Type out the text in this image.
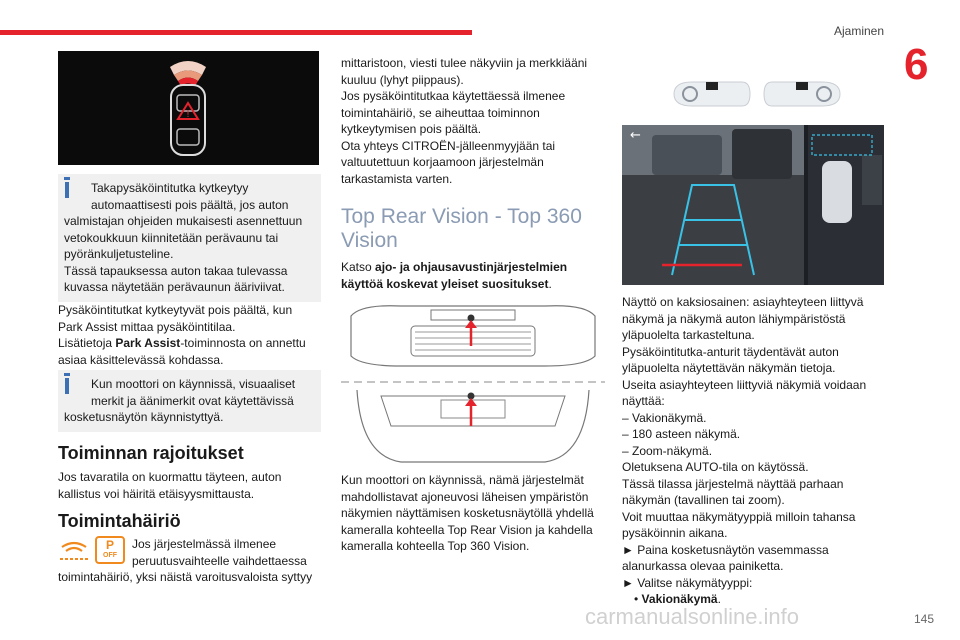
Ajaminen
6
!
Takapysäköintitutka kytkeytyy
automaattisesti pois päältä, jos auton
valmistajan ohjeiden mukaisesti asennettuun
vetokoukkuun kiinnitetään perävaunu tai
pyöränkuljetusteline.
Tässä tapauksessa auton takaa tulevassa
kuvassa näytetään perävaunun ääriviivat.

Pysäköintitutkat kytkeytyvät pois päältä, kun

Park Assist mittaa pysäköintitilaa.

Lisätietoja Park Assist-toiminnosta on annettu

asiaa käsittelevässä kohdassa.

Kun moottori on käynnissä, visuaaliset
merkit ja äänimerkit ovat käytettävissä
kosketusnäytön käynnistyttyä.
Toiminnan rajoitukset

Jos tavaratila on kuormattu täyteen, auton

kallistus voi häiritä etäisyysmittausta.

Toimintahäiriö
P
OFF

Jos järjestelmässä ilmenee

peruutusvaihteelle vaihdettaessa

toimintahäiriö, yksi näistä varoitusvaloista syttyy

mittaristoon, viesti tulee näkyviin ja merkkiääni

kuuluu (lyhyt piippaus).

Jos pysäköintitutkaa käytettäessä ilmenee

toimintahäiriö, se aiheuttaa toiminnon

kytkeytymisen pois päältä.

Ota yhteys CITROËN-jälleenmyyjään tai

valtuutettuun korjaamoon järjestelmän

tarkastamista varten.

Top Rear Vision - Top 360
Vision

Katso ajo- ja ohjausavustinjärjestelmien

käyttöä koskevat yleiset suositukset.

Kun moottori on käynnissä, nämä järjestelmät

mahdollistavat ajoneuvosi läheisen ympäristön

näkymien näyttämisen kosketusnäytöllä yhdellä

kameralla kohteella Top Rear Vision ja kahdella

kameralla kohteella Top 360 Vision.

←

Näyttö on kaksiosainen: asiayhteyteen liittyvä

näkymä ja näkymä auton lähiympäristöstä

yläpuolelta tarkasteltuna.

Pysäköintitutka-anturit täydentävät auton

yläpuolelta näytettävän näkymän tietoja.

Useita asiayhteyteen liittyviä näkymiä voidaan

näyttää:

– Vakionäkymä.

– 180 asteen näkymä.

– Zoom-näkymä.

Oletuksena AUTO-tila on käytössä.

Tässä tilassa järjestelmä näyttää parhaan

näkymän (tavallinen tai zoom).

Voit muuttaa näkymätyyppiä milloin tahansa

pysäköinnin aikana.

► Paina kosketusnäytön vasemmassa

alanurkassa olevaa painiketta.

► Valitse näkymätyyppi:

• Vakionäkymä.

carmanualsonline.info	145
